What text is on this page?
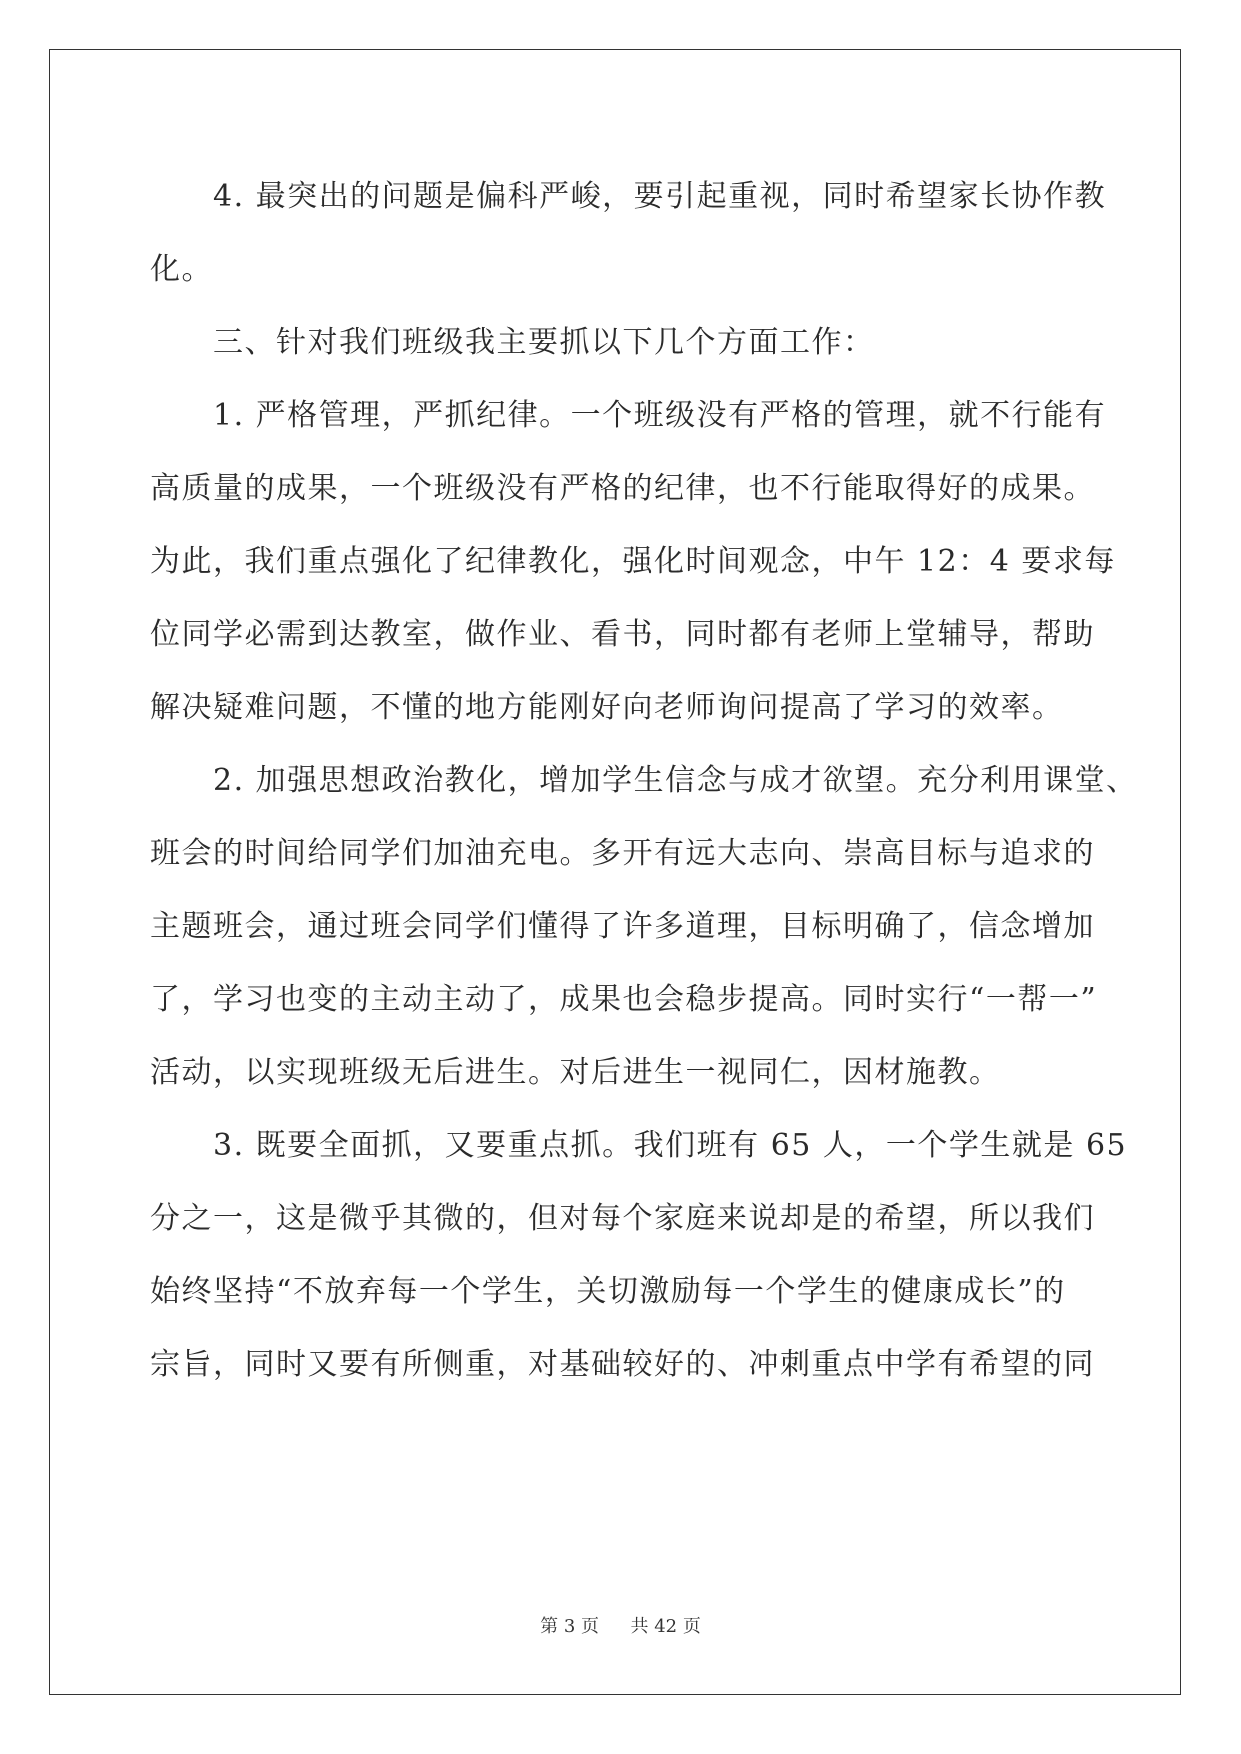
　　4. 最突出的问题是偏科严峻，要引起重视，同时希望家长协作教
化。
　　三、针对我们班级我主要抓以下几个方面工作：
　　1. 严格管理，严抓纪律。一个班级没有严格的管理，就不行能有
高质量的成果，一个班级没有严格的纪律，也不行能取得好的成果。
为此，我们重点强化了纪律教化，强化时间观念，中午 12：4 要求每
位同学必需到达教室，做作业、看书，同时都有老师上堂辅导，帮助
解决疑难问题，不懂的地方能刚好向老师询问提高了学习的效率。
　　2. 加强思想政治教化，增加学生信念与成才欲望。充分利用课堂、
班会的时间给同学们加油充电。多开有远大志向、崇高目标与追求的
主题班会，通过班会同学们懂得了许多道理，目标明确了，信念增加
了，学习也变的主动主动了，成果也会稳步提高。同时实行“一帮一”
活动，以实现班级无后进生。对后进生一视同仁，因材施教。
　　3. 既要全面抓，又要重点抓。我们班有 65 人，一个学生就是 65
分之一，这是微乎其微的，但对每个家庭来说却是的希望，所以我们
始终坚持“不放弃每一个学生，关切激励每一个学生的健康成长”的
宗旨，同时又要有所侧重，对基础较好的、冲刺重点中学有希望的同
第 3 页 共 42 页
